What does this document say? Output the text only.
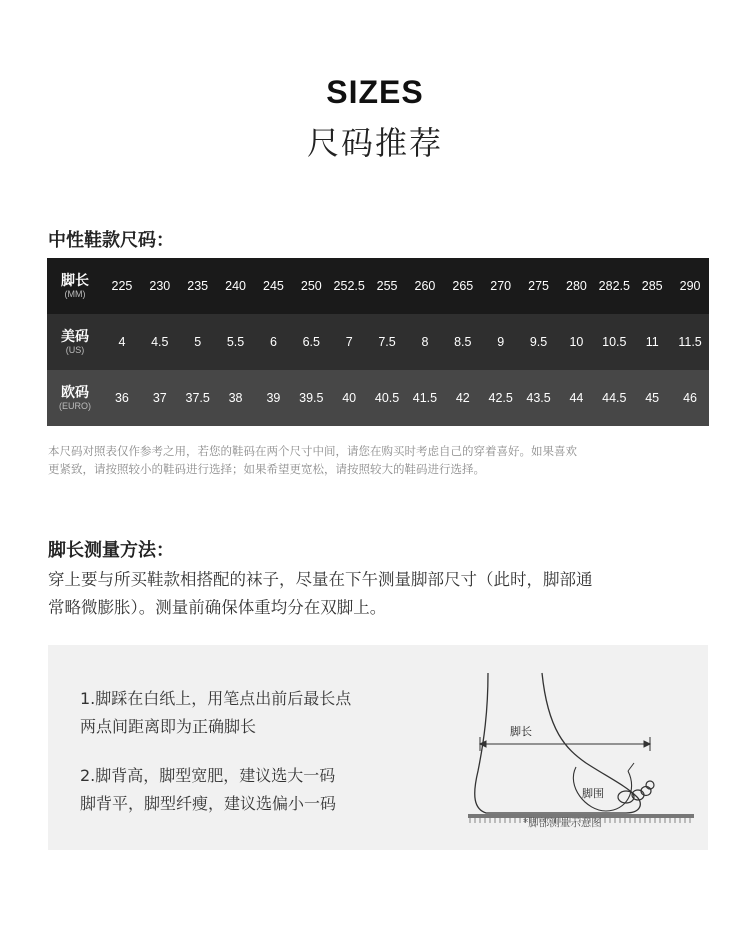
SIZES
尺码推荐
中性鞋款尺码：
脚长
(MM)
225	230	235	240	245	250 252.5 255	260	265	270	275	280 282.5 285	290
美码
(US)
4	4.5	5	5.5	6	6.5	7	7.5	8	8.5	9	9.5	10	10.5	11	11.5
欧码
(EURO)
36	37	37.5	38	39	39.5	40	40.5	41.5	42	42.5	43.5	44	44.5	45	46
本尺码对照表仅作参考之用，若您的鞋码在两个尺寸中间，请您在购买时考虑自己的穿着喜好。如果喜欢
更紧致，请按照较小的鞋码进行选择；如果希望更宽松，请按照较大的鞋码进行选择。
脚长测量方法：
穿上要与所买鞋款相搭配的袜子，尽量在下午测量脚部尺寸（此时，脚部通
常略微膨胀）。测量前确保体重均分在双脚上。
1.脚踩在白纸上，用笔点出前后最长点
两点间距离即为正确脚长
2.脚背高，脚型宽肥，建议选大一码
脚背平，脚型纤瘦，建议选偏小一码
脚长
脚围
*脚部测量示意图
